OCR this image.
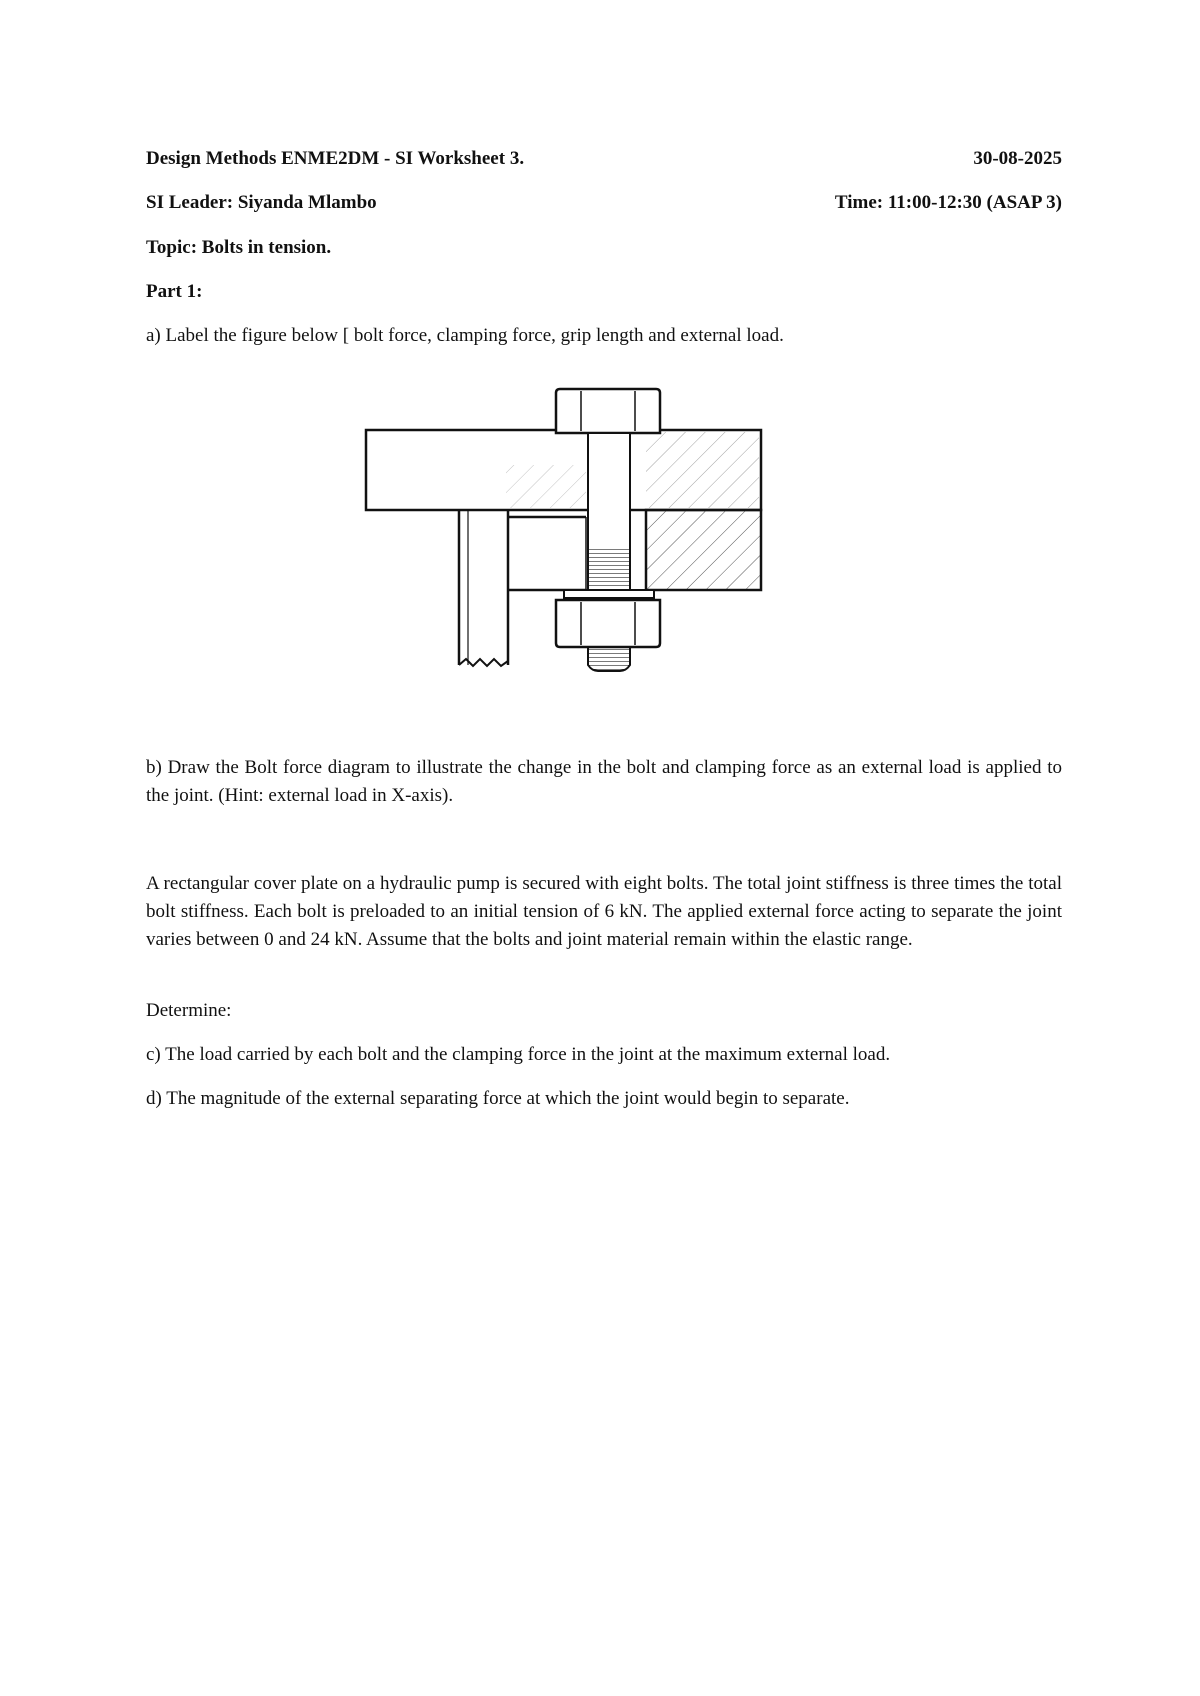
Design Methods ENME2DM - SI Worksheet 3.	30-08-2025
SI Leader: Siyanda Mlambo	Time: 11:00-12:30 (ASAP 3)
Topic: Bolts in tension.
Part 1:
a) Label the figure below [ bolt force, clamping force, grip length and external load.
b) Draw the Bolt force diagram to illustrate the change in the bolt and clamping force as an external load is applied to the joint. (Hint: external load in X-axis).
A rectangular cover plate on a hydraulic pump is secured with eight bolts. The total joint stiffness is three times the total bolt stiffness. Each bolt is preloaded to an initial tension of 6 kN. The applied external force acting to separate the joint varies between 0 and 24 kN. Assume that the bolts and joint material remain within the elastic range.
Determine:
c) The load carried by each bolt and the clamping force in the joint at the maximum external load.
d) The magnitude of the external separating force at which the joint would begin to separate.
